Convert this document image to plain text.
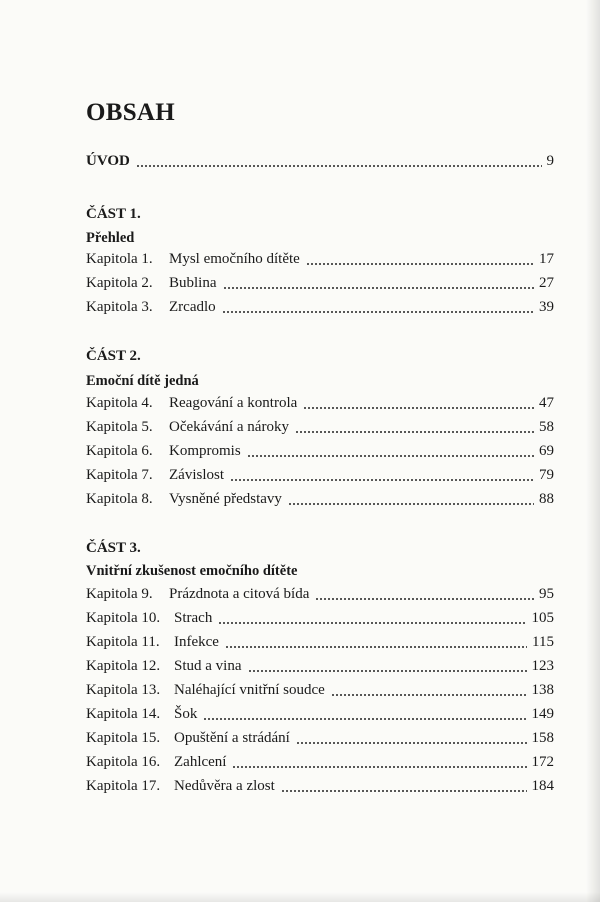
OBSAH
ÚVOD	9
ČÁST 1.
Přehled
Kapitola 1.	Mysl emočního dítěte	17
Kapitola 2.	Bublina	27
Kapitola 3.	Zrcadlo	39
ČÁST 2.
Emoční dítě jedná
Kapitola 4.	Reagování a kontrola	47
Kapitola 5.	Očekávání a nároky	58
Kapitola 6.	Kompromis	69
Kapitola 7.	Závislost	79
Kapitola 8.	Vysněné představy	88
ČÁST 3.
Vnitřní zkušenost emočního dítěte
Kapitola 9.	Prázdnota a citová bída	95
Kapitola 10. Strach	105
Kapitola 11. Infekce	115
Kapitola 12. Stud a vina	123
Kapitola 13. Naléhající vnitřní soudce	138
Kapitola 14. Šok	149
Kapitola 15. Opuštění a strádání	158
Kapitola 16. Zahlcení	172
Kapitola 17. Nedůvěra a zlost	184
